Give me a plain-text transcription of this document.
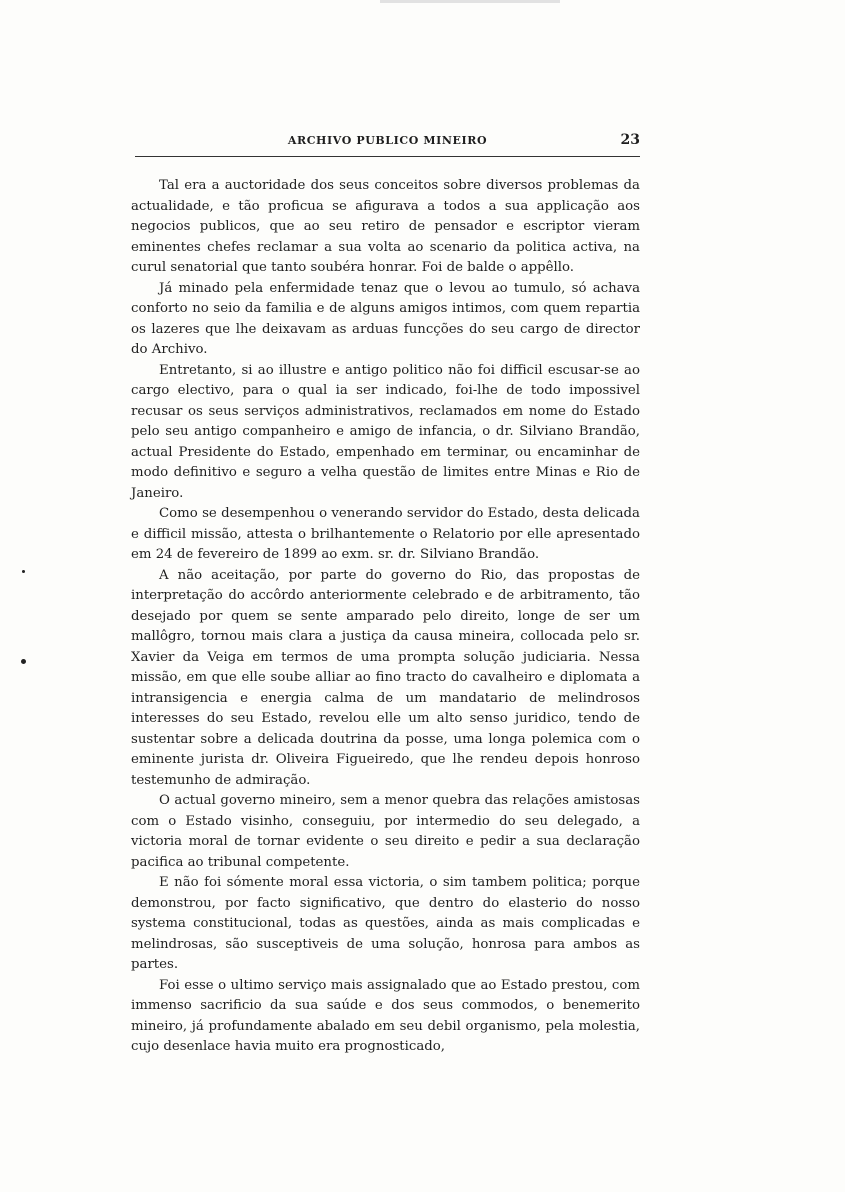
ARCHIVO PUBLICO MINEIRO	23

Tal era a auctoridade dos seus conceitos sobre diversos problemas da actualidade, e tão proficua se afigurava a todos a sua applicação aos negocios publicos, que ao seu retiro de pensador e escriptor vieram eminentes chefes reclamar a sua volta ao scenario da politica activa, na curul senatorial que tanto soubéra honrar. Foi de balde o appêllo.

Já minado pela enfermidade tenaz que o levou ao tumulo, só achava conforto no seio da familia e de alguns amigos intimos, com quem repartia os lazeres que lhe deixavam as arduas funcções do seu cargo de director do Archivo.

Entretanto, si ao illustre e antigo politico não foi difficil escusar-se ao cargo electivo, para o qual ia ser indicado, foi-lhe de todo impossivel recusar os seus serviços administrativos, reclamados em nome do Estado pelo seu antigo companheiro e amigo de infancia, o dr. Silviano Brandão, actual Presidente do Estado, empenhado em terminar, ou encaminhar de modo definitivo e seguro a velha questão de limites entre Minas e Rio de Janeiro.

Como se desempenhou o venerando servidor do Estado, desta delicada e difficil missão, attesta o brilhantemente o Relatorio por elle apresentado em 24 de fevereiro de 1899 ao exm. sr. dr. Silviano Brandão.

A não aceitação, por parte do governo do Rio, das propostas de interpretação do accôrdo anteriormente celebrado e de arbitramento, tão desejado por quem se sente amparado pelo direito, longe de ser um mallôgro, tornou mais clara a justiça da causa mineira, collocada pelo sr. Xavier da Veiga em termos de uma prompta solução judiciaria. Nessa missão, em que elle soube alliar ao fino tracto do cavalheiro e diplomata a intransigencia e energia calma de um mandatario de melindrosos interesses do seu Estado, revelou elle um alto senso juridico, tendo de sustentar sobre a delicada doutrina da posse, uma longa polemica com o eminente jurista dr. Oliveira Figueiredo, que lhe rendeu depois honroso testemunho de admiração.

O actual governo mineiro, sem a menor quebra das relações amistosas com o Estado visinho, conseguiu, por intermedio do seu delegado, a victoria moral de tornar evidente o seu direito e pedir a sua declaração pacifica ao tribunal competente.

E não foi sómente moral essa victoria, o sim tambem politica; porque demonstrou, por facto significativo, que dentro do elasterio do nosso systema constitucional, todas as questões, ainda as mais complicadas e melindrosas, são susceptiveis de uma solução, honrosa para ambos as partes.

Foi esse o ultimo serviço mais assignalado que ao Estado prestou, com immenso sacrificio da sua saúde e dos seus commodos, o benemerito mineiro, já profundamente abalado em seu debil organismo, pela molestia, cujo desenlace havia muito era prognosticado,
